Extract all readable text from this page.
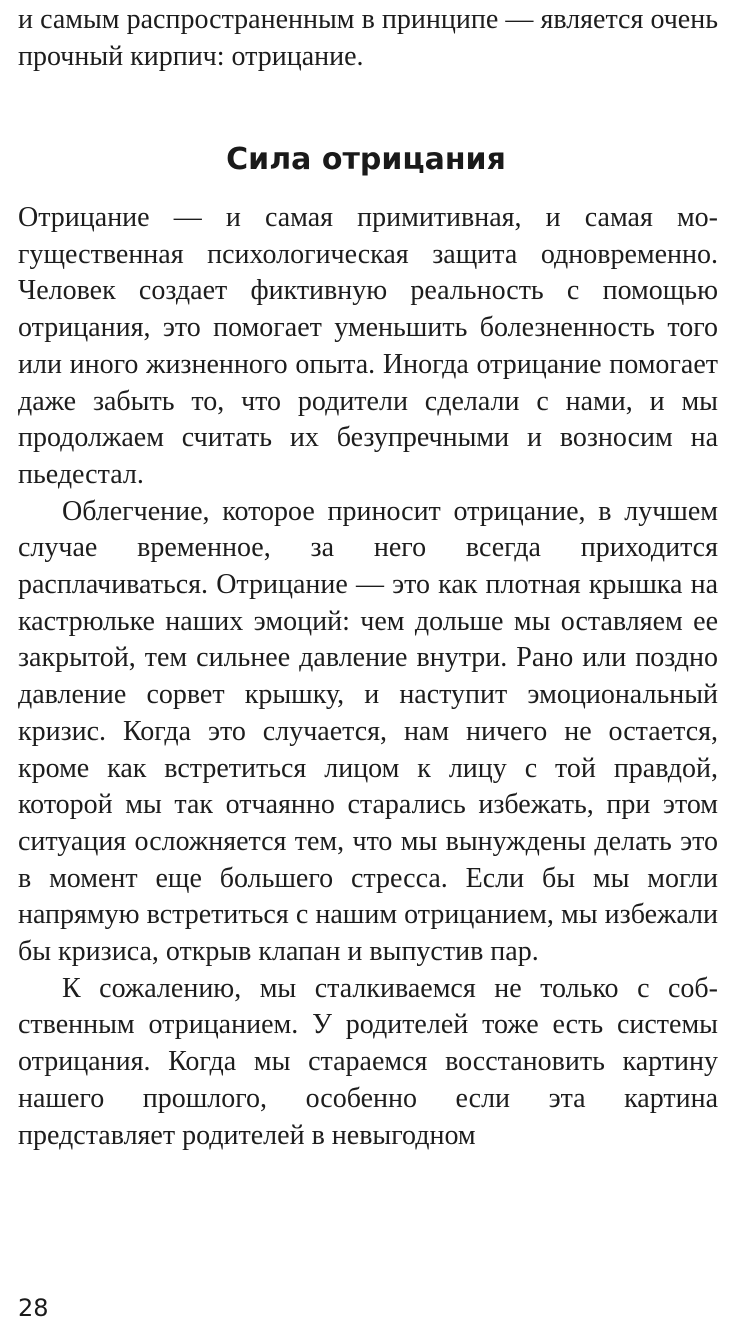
и самым распространенным в принципе — является очень прочный кирпич: отрицание.

Сила отрицания

Отрицание — и самая примитивная, и самая могущественная психологическая защита одновременно. Человек создает фиктивную реальность с помощью отрицания, это помогает уменьшить болезненность того или иного жизненного опыта. Иногда отрицание помогает даже забыть то, что родители сделали с нами, и мы продолжаем считать их безупречными и возносим на пьедестал.

Облегчение, которое приносит отрицание, в лучшем случае временное, за него всегда приходится расплачиваться. Отрицание — это как плотная крышка на кастрюльке наших эмоций: чем дольше мы оставляем ее закрытой, тем сильнее давление внутри. Рано или поздно давление сорвет крышку, и наступит эмоциональный кризис. Когда это случается, нам ничего не остается, кроме как встретиться лицом к лицу с той правдой, которой мы так отчаянно старались избежать, при этом ситуация осложняется тем, что мы вынуждены делать это в момент еще большего стресса. Если бы мы могли напрямую встретиться с нашим отрицанием, мы избежали бы кризиса, открыв клапан и выпустив пар.

К сожалению, мы сталкиваемся не только с собственным отрицанием. У родителей тоже есть системы отрицания. Когда мы стараемся восстановить картину нашего прошлого, особенно если эта картина представляет родителей в невыгодном

28
